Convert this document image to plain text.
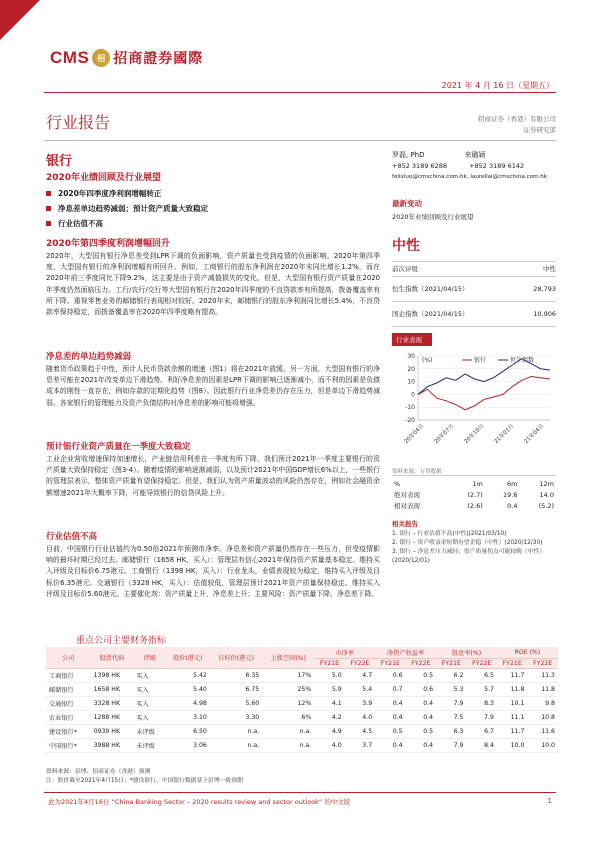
CMS	招 招商證券國際
2021 年 4 月 16 日（星期五）
行业报告	招商证券（香港）有限公司
证券研究部
银行
2020年业绩回顾及行业展望
2020年四季度净利润增幅转正
净息差单边趋势减弱；预计资产质量大致稳定
行业估值不高
罗磊, PhD	来璐颖
+852 3189 6288	+852 3189 6142
felixluo@cmschina.com.hk, laurellai@cmschina.com.hk
2020年第四季度利润增幅回升
2020年，大型国有银行净息差受到LPR下调的负面影响，资产质量也受到疫情的负面影响。2020年第四季度，大型国有银行的净利润增幅有所回升。例如，工商银行的股东净利润在2020年末同比增长1.2%，而在2020年前三季度同比下降9.2%，这主要是由于资产减值损失的变化。但是，大型国有银行资产质量在2020年季度仍然面临压力。工行/农行/交行等大型国有银行在2020年四季度的不良贷款率有所提高，拨备覆盖率有所下降。重视零售业务的邮储银行表现相对较好。2020年末，邮储银行的股东净利润同比增长5.4%，不良贷款率保持稳定，而拨备覆盖率在2020年四季度略有提高。
净息差的单边趋势减弱
随着货币政策趋于中性，预计人民币贷款余额的增速（图1）将在2021年放缓。另一方面，大型国有银行的净息差可能在2021年改变单边下滑趋势。利好净息差的因素是LPR下调的影响已逐渐减小，而不利的因素是负债成本的刚性一直存在，例如存款的定期化趋势（图8）。因此银行行业净息差仍存在压力，但是单边下滑趋势减弱。各家银行的管理能力及资产负债结构对净息差的影响可能将增强。
预计银行业资产质量在一季度大致稳定
工业企业营收增速保持加速增长，产业链信用利差在一季度有所下降，我们预计2021年一季度主要银行的资产质量大致保持稳定（图3-4）。随着疫情的影响逐渐减弱，以及预计2021年中国GDP增长6%以上，一些银行的管理层表示，整体资产质量有望保持稳定。但是，我们认为资产质量波动的风险仍然存在，例如社会融资余额增速2021年大概率下降，可能导致银行的信贷风险上升。
行业估值不高
目前，中国银行行业估值约为0.50倍2021年预测市净率。净息差和资产质量仍然存在一些压力，但受疫情影响的最坏时期已经过去。邮储银行（1658 HK，买入）：管理层有信心2021年保持资产质量基本稳定。维持买入评级及目标价6.75港元。工商银行（1398 HK，买入）：行业龙头，业绩表现较为稳定，维持买入评级及目标价6.35港元。交通银行（3328 HK，买入）：估值较低，管理层预计2021年资产质量保持稳定。维持买入评级及目标价5.60港元。主要催化剂：资产质量上升，净息差上升；主要风险：资产质量下降，净息差下降。
最新变动
2020年业绩回顾及行业展望
中性
前次评级	中性
恒生指数（2021/04/15）	28,793
国企指数（2021/04/15）	10,906
行业表现
30
20
10
0
-10
-20
20年04月 20年07月 20年10月 21年01月 21年04月
(%)	银行	恒生指数
资料来源：万得数据
%	1m	6m	12m
绝对表现	(2.7)	19.6	14.0
相对表现	(2.6)	0.4	(5.2)
相关报告
1. 银行 – 行业估值不高(中性)(2021/03/10)
2. 银行 – 资产收益率短期有望企稳（中性）(2020/12/30)
3. 银行 – 净息差压力减轻；资产质量拐点可能较晚（中性）(2020/12/01)
重点公司主要财务指标
公司	股票代码	评级	股价(港元)	目标价(港元)	上涨空间(%)	市净率		净资产收益率		股息率(%)		ROE (%)	
						FY21E	FY22E	FY21E	FY22E	FY21E	FY22E	FY21E	FY22E
工商银行	1398 HK	买入	5.42	6.35	17%	5.0	4.7	0.6	0.5	6.2	6.5	11.7	11.3
邮储银行	1658 HK	买入	5.40	6.75	25%	5.9	5.4	0.7	0.6	5.3	5.7	11.8	11.8
交通银行	3328 HK	买入	4.98	5.60	12%	4.1	3.9	0.4	0.4	7.9	8.3	10.1	9.8
农业银行	1288 HK	买入	3.10	3.30	6%	4.2	4.0	0.4	0.4	7.5	7.9	11.1	10.8
建设银行*	0939 HK	未评级	6.50	n.a.	n.a.	4.9	4.5	0.5	0.5	6.3	6.7	11.7	11.6
中国银行*	3988 HK	未评级	3.06	n.a.	n.a.	4.0	3.7	0.4	0.4	7.9	8.4	10.0	10.0
资料来源：彭博、招商证券（香港）预测
注：股价截至2021年4月15日；*建设银行、中国银行数据基于彭博一致预期
此为2021年4月16日 “China Banking Sector – 2020 results review and sector outlook” 的中文版	1
